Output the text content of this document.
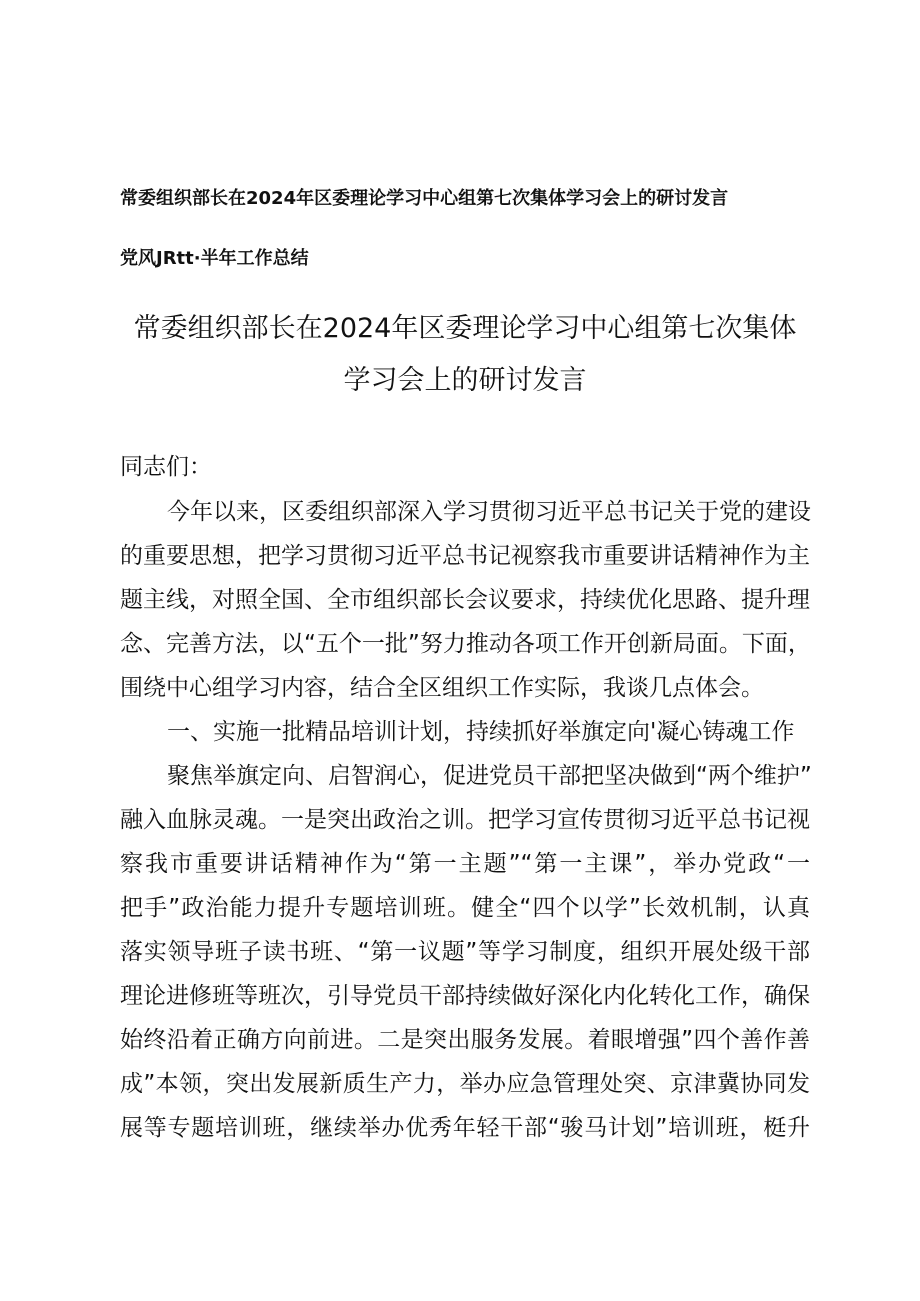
常委组织部长在2024年区委理论学习中心组第七次集体学习会上的研讨发言
党风JRtt·半年工作总结
常委组织部长在2024年区委理论学习中心组第七次集体
学习会上的研讨发言
同志们：
今年以来，区委组织部深入学习贯彻习近平总书记关于党的建设
的重要思想，把学习贯彻习近平总书记视察我市重要讲话精神作为主
题主线，对照全国、全市组织部长会议要求，持续优化思路、提升理
念、完善方法，以“五个一批”努力推动各项工作开创新局面。下面，
围绕中心组学习内容，结合全区组织工作实际，我谈几点体会。
一、实施一批精品培训计划，持续抓好举旗定向'凝心铸魂工作
聚焦举旗定向、启智润心，促进党员干部把坚决做到“两个维护”
融入血脉灵魂。一是突出政治之训。把学习宣传贯彻习近平总书记视
察我市重要讲话精神作为“第一主题”“第一主课”，举办党政“一
把手”政治能力提升专题培训班。健全“四个以学”长效机制，认真
落实领导班子读书班、“第一议题”等学习制度，组织开展处级干部
理论进修班等班次，引导党员干部持续做好深化内化转化工作，确保
始终沿着正确方向前进。二是突出服务发展。着眼增强”四个善作善
成”本领，突出发展新质生产力，举办应急管理处突、京津冀协同发
展等专题培训班，继续举办优秀年轻干部“骏马计划”培训班，梃升
